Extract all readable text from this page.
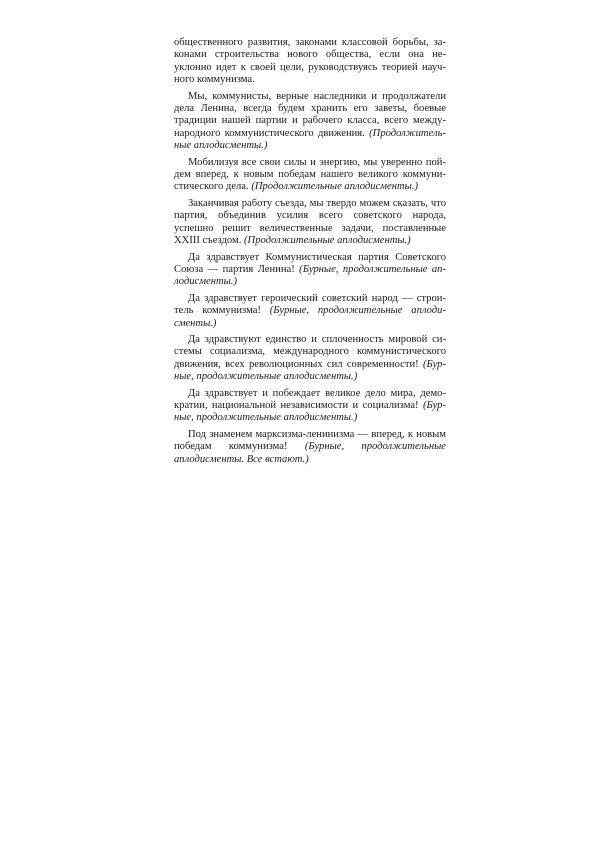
общественного развития, законами классовой борьбы, законами строительства нового общества, если она неуклонно идет к своей цели, руководствуясь теорией научного коммунизма.

Мы, коммунисты, верные наследники и продолжатели дела Ленина, всегда будем хранить его заветы, боевые традиции нашей партии и рабочего класса, всего международного коммунистического движения. (Продолжительные аплодисменты.)

Мобилизуя все свои силы и энергию, мы уверенно пойдем вперед, к новым победам нашего великого коммунистического дела. (Продолжительные аплодисменты.)

Заканчивая работу съезда, мы твердо можем сказать, что партия, объединив усилия всего советского народа, успешно решит величественные задачи, поставленные XXIII съездом. (Продолжительные аплодисменты.)

Да здравствует Коммунистическая партия Советского Союза — партия Ленина! (Бурные, продолжительные аплодисменты.)

Да здравствует героический советский народ — строитель коммунизма! (Бурные, продолжительные аплодисменты.)

Да здравствуют единство и сплоченность мировой системы социализма, международного коммунистического движения, всех революционных сил современности! (Бурные, продолжительные аплодисменты.)

Да здравствует и побеждает великое дело мира, демократии, национальной независимости и социализма! (Бурные, продолжительные аплодисменты.)

Под знаменем марксизма-ленинизма — вперед, к новым победам коммунизма! (Бурные, продолжительные аплодисменты. Все встают.)
